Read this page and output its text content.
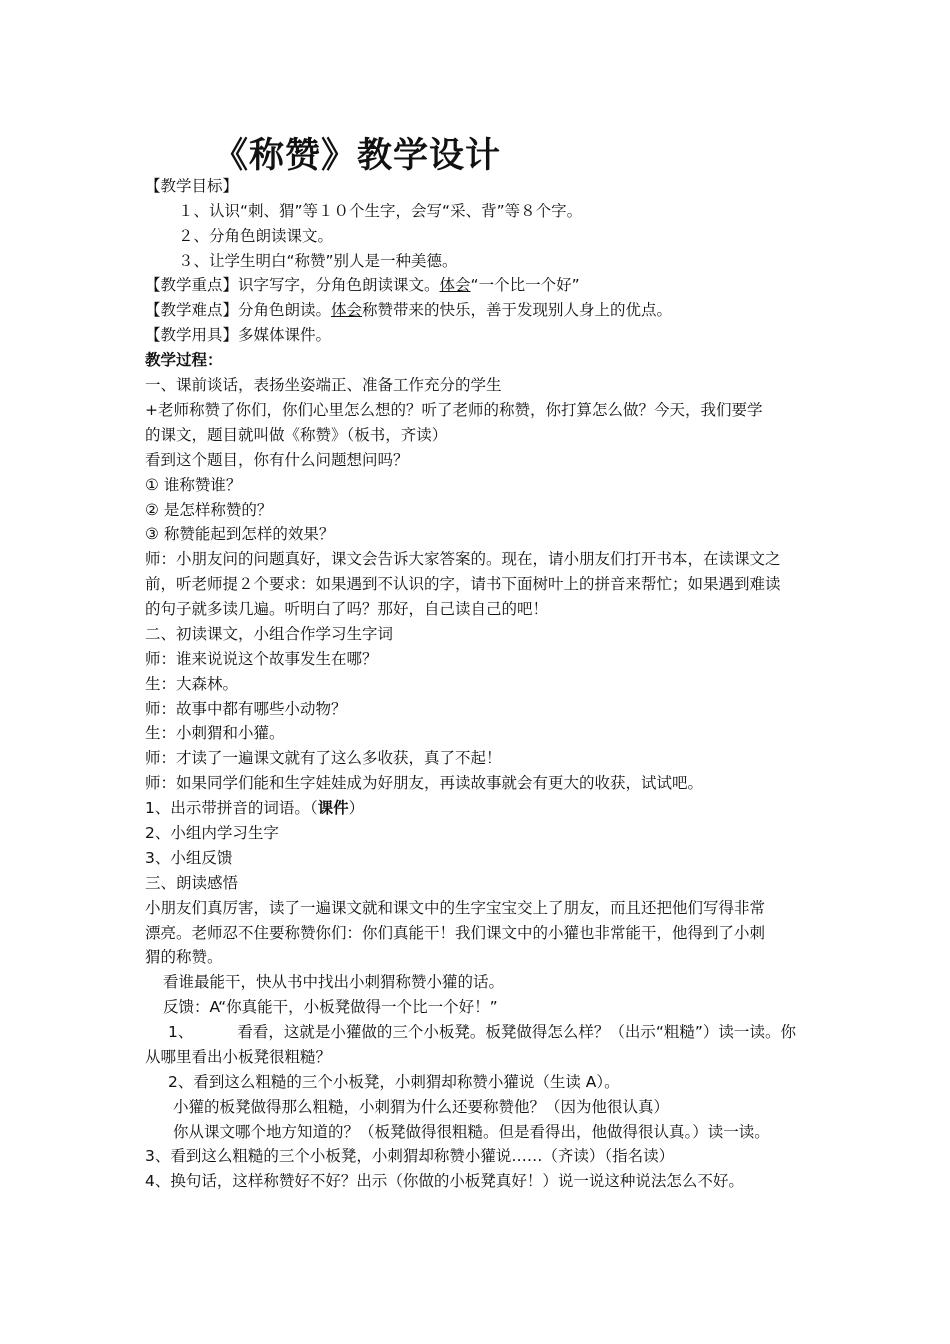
《称赞》教学设计
【教学目标】
１、认识“刺、猬”等１０个生字，会写“采、背”等８个字。
２、分角色朗读课文。
３、让学生明白“称赞”别人是一种美德。
【教学重点】识字写字，分角色朗读课文。体会“一个比一个好”
【教学难点】分角色朗读。体会称赞带来的快乐，善于发现别人身上的优点。
【教学用具】多媒体课件。
教学过程：
一、课前谈话，表扬坐姿端正、准备工作充分的学生
+老师称赞了你们，你们心里怎么想的？听了老师的称赞，你打算怎么做？今天，我们要学
的课文，题目就叫做《称赞》（板书，齐读）
看到这个题目，你有什么问题想问吗？
① 谁称赞谁？
② 是怎样称赞的？
③ 称赞能起到怎样的效果？
师：小朋友问的问题真好，课文会告诉大家答案的。现在，请小朋友们打开书本，在读课文之
前，听老师提２个要求：如果遇到不认识的字，请书下面树叶上的拼音来帮忙；如果遇到难读
的句子就多读几遍。听明白了吗？那好，自己读自己的吧！
二、初读课文，小组合作学习生字词
师：谁来说说这个故事发生在哪？
生：大森林。
师：故事中都有哪些小动物？
生：小刺猬和小獾。
师：才读了一遍课文就有了这么多收获，真了不起！
师：如果同学们能和生字娃娃成为好朋友，再读故事就会有更大的收获，试试吧。
1、出示带拼音的词语。（课件）
2、小组内学习生字
3、小组反馈
三、朗读感悟
小朋友们真厉害，读了一遍课文就和课文中的生字宝宝交上了朋友，而且还把他们写得非常
漂亮。老师忍不住要称赞你们：你们真能干！我们课文中的小獾也非常能干，他得到了小刺
猬的称赞。
看谁最能干，快从书中找出小刺猬称赞小獾的话。
反馈：A“你真能干，小板凳做得一个比一个好！”
1、	看看，这就是小獾做的三个小板凳。板凳做得怎么样？（出示“粗糙”）读一读。你
从哪里看出小板凳很粗糙？
2、看到这么粗糙的三个小板凳，小刺猬却称赞小獾说（生读 A）。
小獾的板凳做得那么粗糙，小刺猬为什么还要称赞他？（因为他很认真）
你从课文哪个地方知道的？（板凳做得很粗糙。但是看得出，他做得很认真。）读一读。
3、看到这么粗糙的三个小板凳，小刺猬却称赞小獾说……（齐读）（指名读）
4、换句话，这样称赞好不好？出示（你做的小板凳真好！）说一说这种说法怎么不好。
